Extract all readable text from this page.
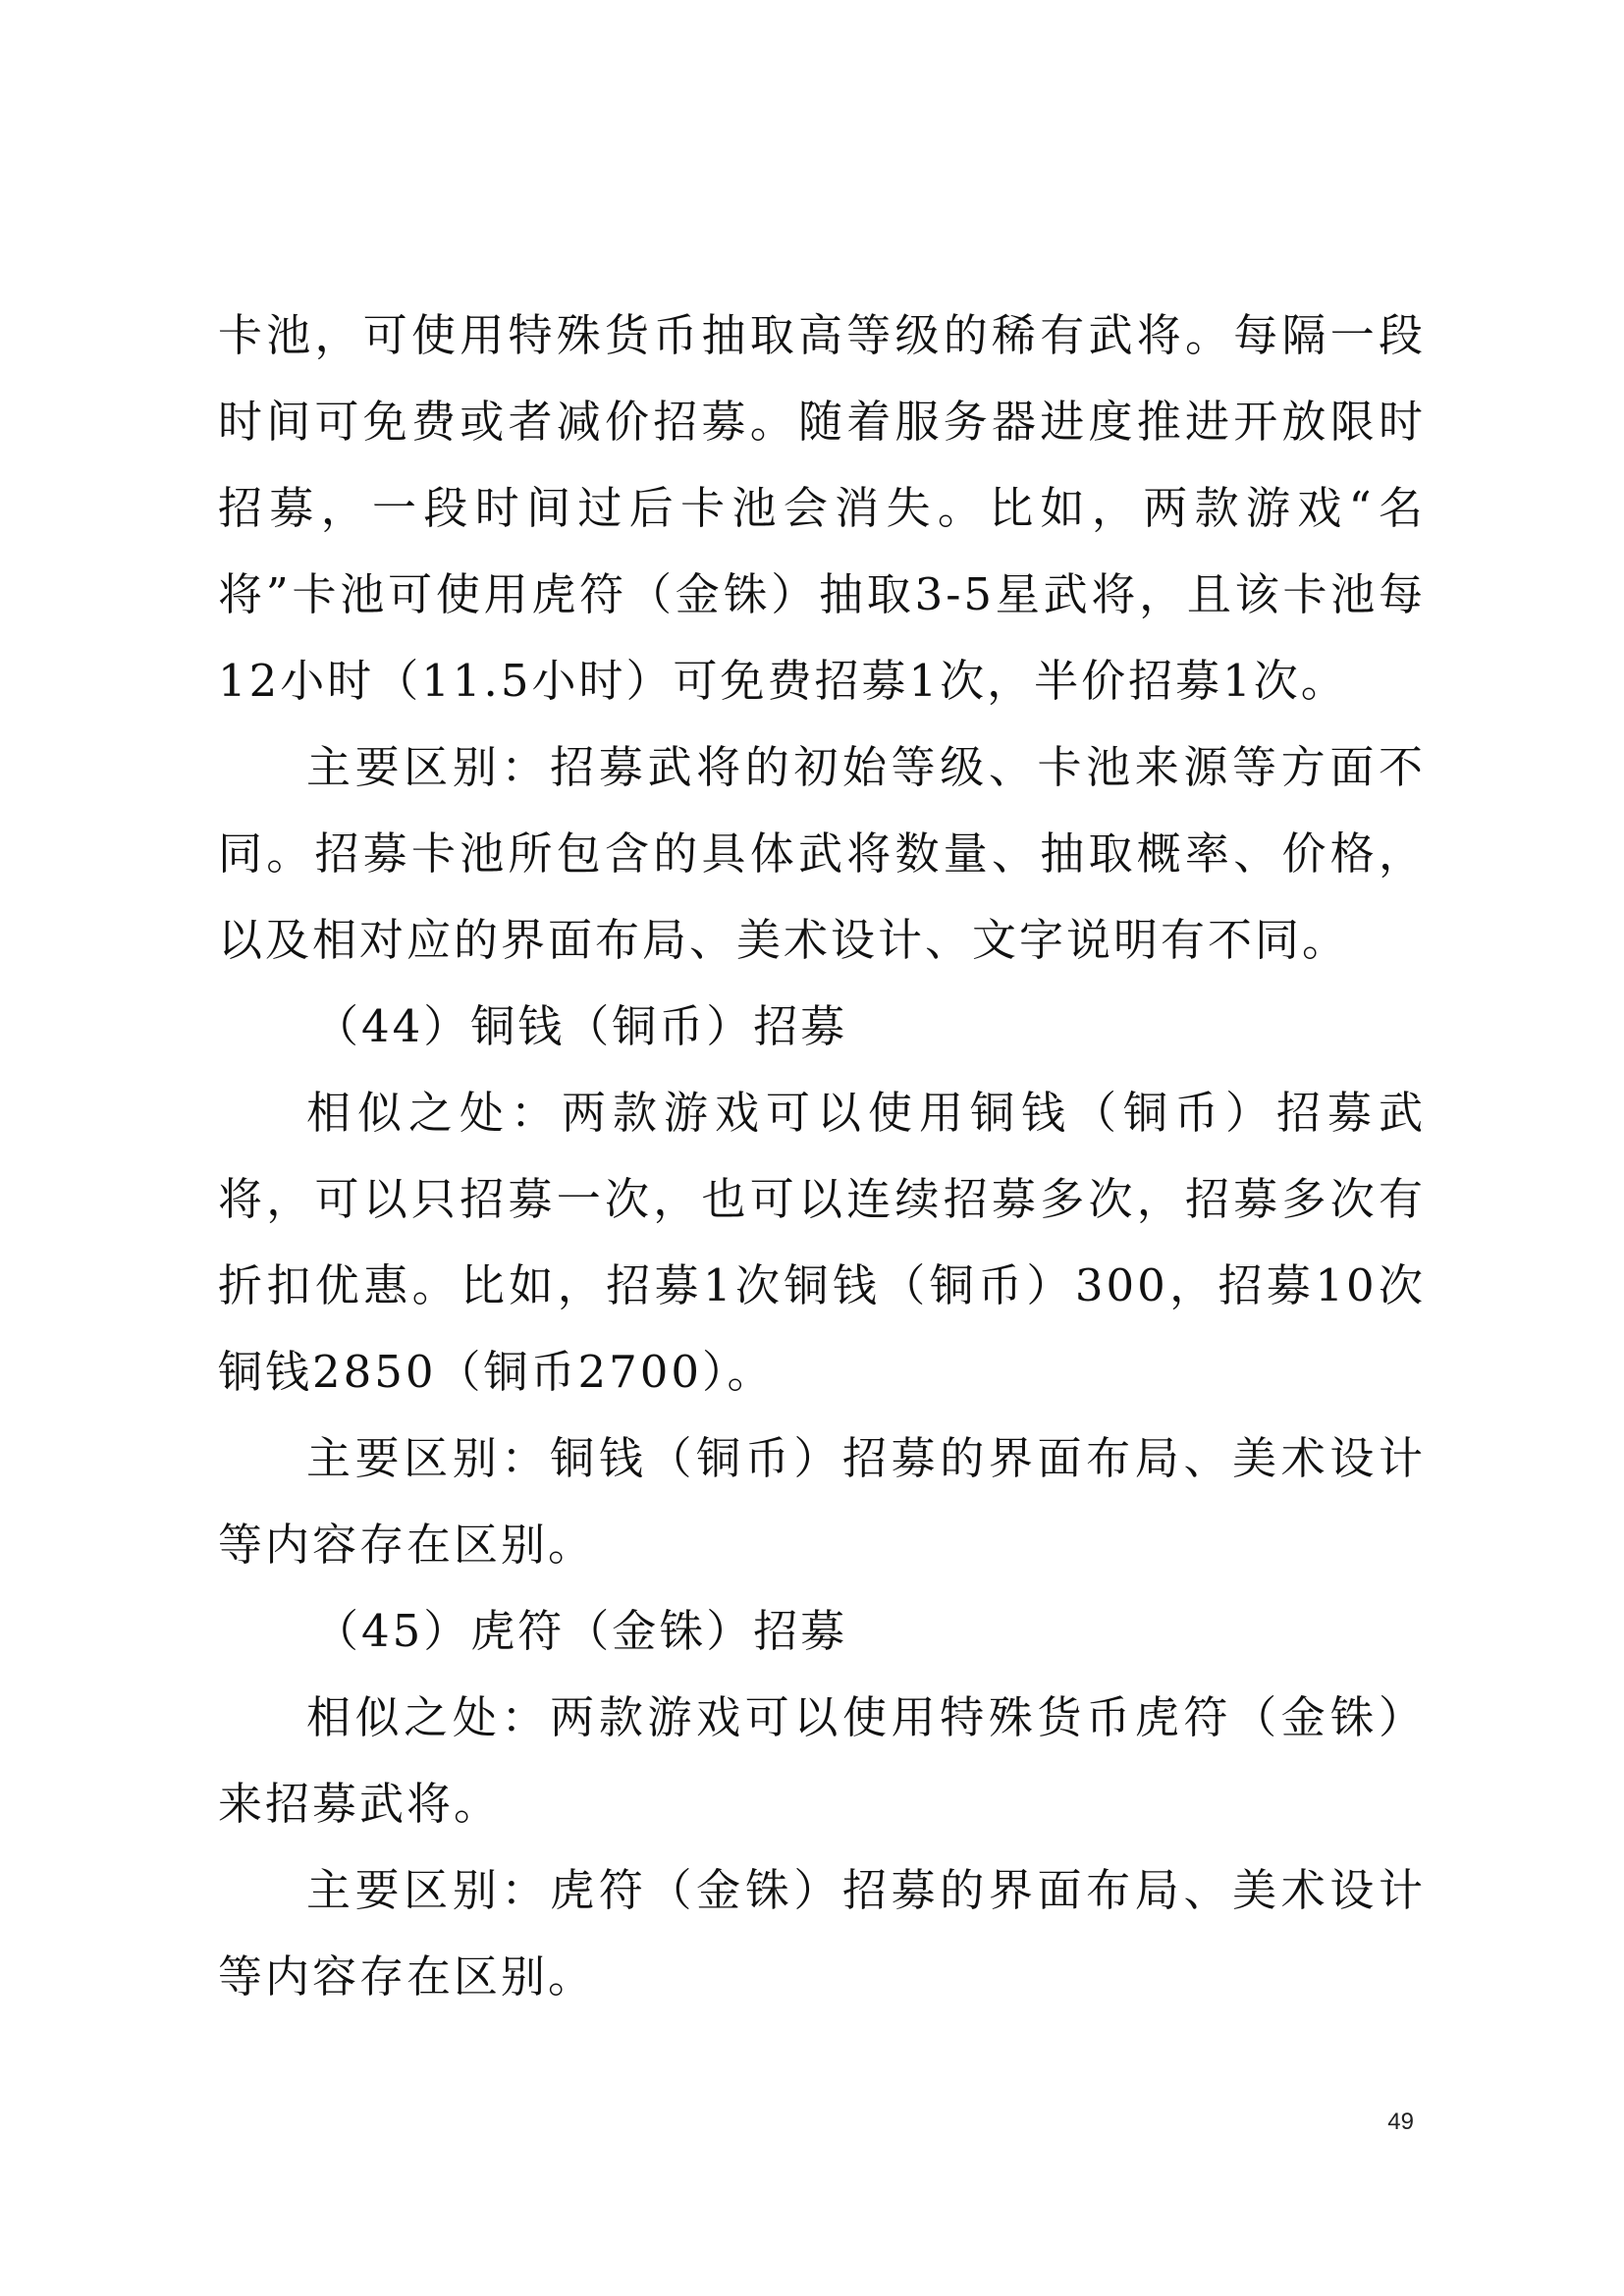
卡池，可使用特殊货币抽取高等级的稀有武将。每隔一段时间可免费或者减价招募。随着服务器进度推进开放限时招募，一段时间过后卡池会消失。比如，两款游戏“名将”卡池可使用虎符（金铢）抽取3-5星武将，且该卡池每12小时（11.5小时）可免费招募1次，半价招募1次。

主要区别：招募武将的初始等级、卡池来源等方面不同。招募卡池所包含的具体武将数量、抽取概率、价格，以及相对应的界面布局、美术设计、文字说明有不同。

（44）铜钱（铜币）招募

相似之处：两款游戏可以使用铜钱（铜币）招募武将，可以只招募一次，也可以连续招募多次，招募多次有折扣优惠。比如，招募1次铜钱（铜币）300，招募10次铜钱2850（铜币2700）。

主要区别：铜钱（铜币）招募的界面布局、美术设计等内容存在区别。

（45）虎符（金铢）招募

相似之处：两款游戏可以使用特殊货币虎符（金铢）来招募武将。

主要区别：虎符（金铢）招募的界面布局、美术设计等内容存在区别。

49
